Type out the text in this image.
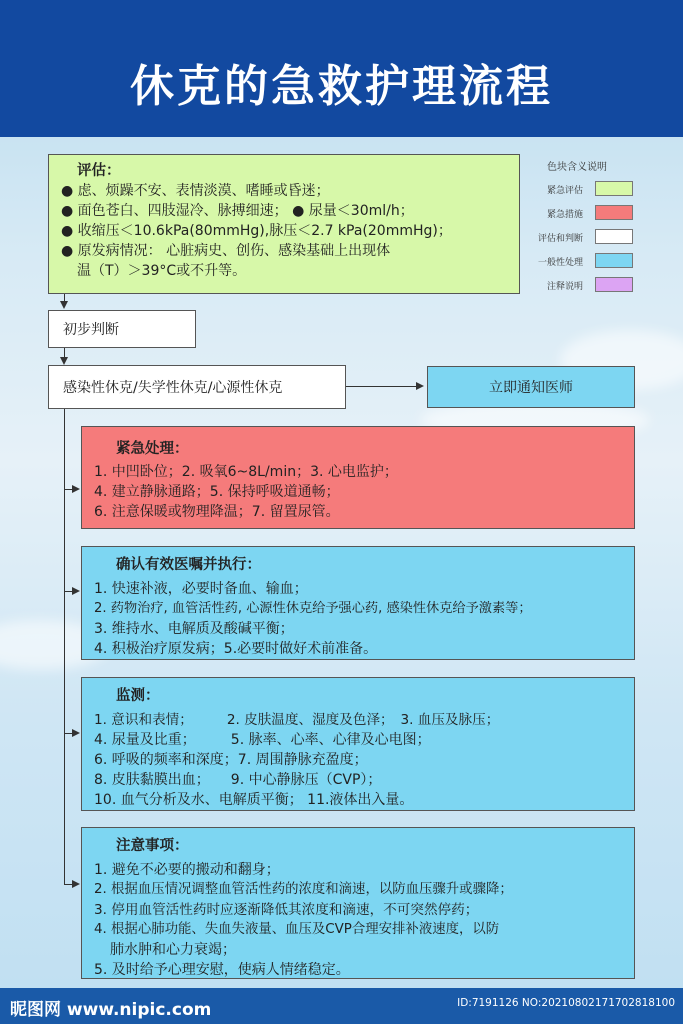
休克的急救护理流程
色块含义说明
紧急评估
紧急措施
评估和判断
一般性处理
注释说明
评估：
● 虑、烦躁不安、表情淡漠、嗜睡或昏迷；
● 面色苍白、四肢湿冷、脉搏细速； ● 尿量＜30ml/h；
● 收缩压＜10.6kPa(80mmHg),脉压＜2.7 kPa(20mmHg)；
● 原发病情况： 心脏病史、创伤、感染基础上出现体
温（T）＞39°C或不升等。
初步判断
感染性休克/失学性休克/心源性休克	立即通知医师
紧急处理：
1. 中凹卧位；2. 吸氧6~8L/min；3. 心电监护；
4. 建立静脉通路；5. 保持呼吸道通畅；
6. 注意保暖或物理降温；7. 留置尿管。
确认有效医嘱并执行：
1. 快速补液，必要时备血、输血；
2. 药物治疗, 血管活性药, 心源性休克给予强心药, 感染性休克给予激素等；
3. 维持水、电解质及酸碱平衡；
4. 积极治疗原发病；5.必要时做好术前准备。
监测：
1. 意识和表情；　　　2. 皮肤温度、湿度及色泽；　3. 血压及脉压；
4. 尿量及比重；　　　5. 脉率、心率、心律及心电图；
6. 呼吸的频率和深度；7. 周围静脉充盈度；
8. 皮肤黏膜出血；　　9. 中心静脉压（CVP）；
10. 血气分析及水、电解质平衡； 11.液体出入量。
注意事项：
1. 避免不必要的搬动和翻身；
2. 根据血压情况调整血管活性药的浓度和滴速，以防血压骤升或骤降；
3. 停用血管活性药时应逐渐降低其浓度和滴速，不可突然停药；
4. 根据心肺功能、失血失液量、血压及CVP合理安排补液速度，以防
肺水肿和心力衰竭；
5. 及时给予心理安慰，使病人情绪稳定。
昵图网 www.nipic.com	ID:7191126 NO:20210802171702818100
